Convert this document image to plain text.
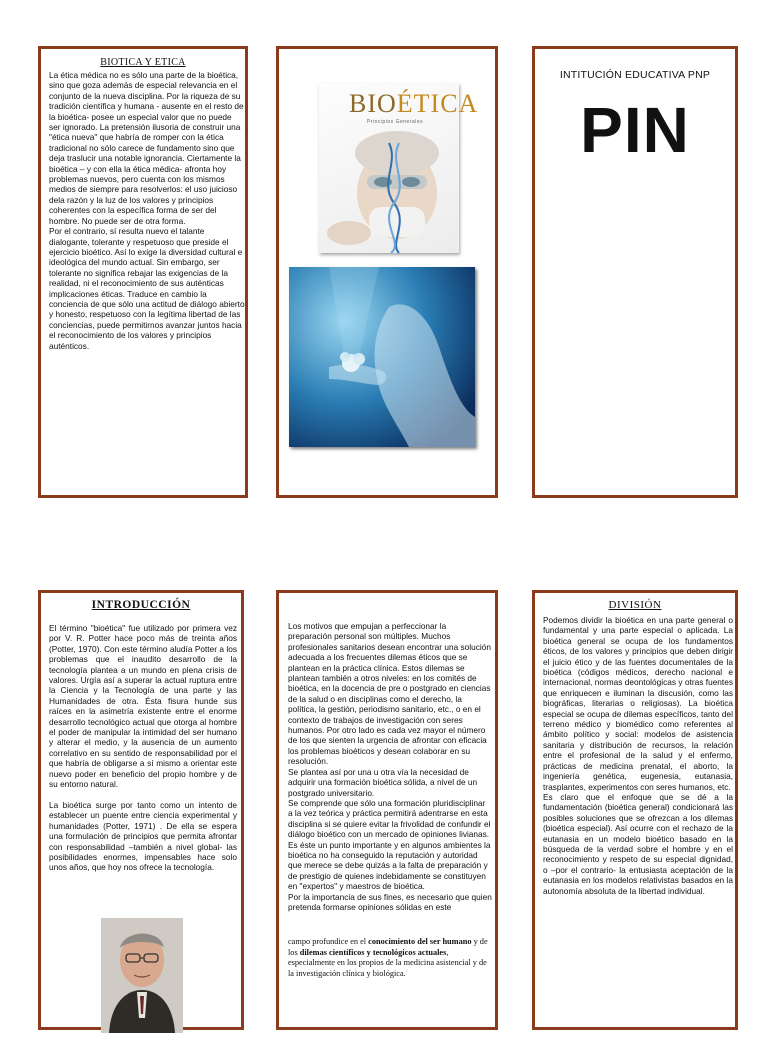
BIOTICA Y ETICA
La ética médica no es sólo una parte de la bioética, sino que goza además de especial relevancia en el conjunto de la nueva disciplina. Por la riqueza de su tradición científica y humana - ausente en el resto de la bioética- posee un especial valor que no puede ser ignorado. La pretensión ilusoria de construir una "ética nueva" que habría de romper con la ética tradicional no sólo carece de fundamento sino que deja traslucir una notable ignorancia. Ciertamente la bioética – y con ella la ética médica- afronta hoy problemas nuevos, pero cuenta con los mismos medios de siempre para resolverlos: el uso juicioso dela razón y la luz de los valores y principios coherentes con la específica forma de ser del hombre. No puede ser de otra forma.
Por el contrario, sí resulta nuevo el talante dialogante, tolerante y respetuoso que preside el ejercicio bioético. Así lo exige la diversidad cultural e ideológica del mundo actual. Sin embargo, ser tolerante no significa rebajar las exigencias de la realidad, ni el reconocimiento de sus auténticas implicaciones éticas. Traduce en cambio la conciencia de que sólo una actitud de diálogo abierto y honesto, respetuoso con la legítima libertad de las conciencias, puede permitirnos avanzar juntos hacia el reconocimiento de los valores y principios auténticos.
BIOÉTICA
Principios Generales
INTITUCIÓN EDUCATIVA PNP
PIN
INTRODUCCIÓN
El término "bioética" fue utilizado por primera vez por V. R. Potter hace poco más de treinta años (Potter, 1970). Con este término aludía Potter a los problemas que el inaudito desarrollo de la tecnología plantea a un mundo en plena crisis de valores. Urgía así a superar la actual ruptura entre la Ciencia y la Tecnología de una parte y las Humanidades de otra. Ésta fisura hunde sus raíces en la asimetría existente entre el enorme desarrollo tecnológico actual que otorga al hombre el poder de manipular la intimidad del ser humano y alterar el medio, y la ausencia de un aumento correlativo en su sentido de responsabilidad por el que habría de obligarse a sí mismo a orientar este nuevo poder en beneficio del propio hombre y de su entorno natural.

La bioética surge por tanto como un intento de establecer un puente entre ciencia experimental y humanidades (Potter, 1971) . De ella se espera una formulación de principios que permita afrontar con responsabilidad –también a nivel global- las posibilidades enormes, impensables hace solo unos años, que hoy nos ofrece la tecnología.
Los motivos que empujan a perfeccionar la preparación personal son múltiples. Muchos profesionales sanitarios desean encontrar una solución adecuada a los frecuentes dilemas éticos que se plantean en la práctica clínica. Estos dilemas se plantean también a otros niveles: en los comités de bioética, en la docencia de pre o postgrado en ciencias de la salud o en disciplinas como el derecho, la política, la gestión, periodismo sanitario, etc., o en el contexto de trabajos de investigación con seres humanos. Por otro lado es cada vez mayor el número de los que sienten la urgencia de afrontar con eficacia los problemas bioéticos y desean colaborar en su resolución.
Se plantea así por una u otra vía la necesidad de adquirir una formación bioética sólida, a nivel de un postgrado universitario.
Se comprende que sólo una formación pluridisciplinar a la vez teórica y práctica permitirá adentrarse en esta disciplina si se quiere evitar la frivolidad de confundir el diálogo bioético con un mercado de opiniones livianas. Es éste un punto importante y en algunos ambientes la bioética no ha conseguido la reputación y autoridad que merece se debe quizás a la falta de preparación y de prestigio de quienes indebidamente se constituyen en "expertos" y maestros de bioética.
Por la importancia de sus fines, es necesario que quien pretenda formarse opiniones sólidas en este
campo profundice en el conocimiento del ser humano y de los dilemas científicos y tecnológicos actuales, especialmente en los propios de la medicina asistencial y de la investigación clínica y biológica.
DIVISIÓN
Podemos dividir la bioética en una parte general o fundamental y una parte especial o aplicada. La bioética general se ocupa de los fundamentos éticos, de los valores y principios que deben dirigir el juicio ético y de las fuentes documentales de la bioética (códigos médicos, derecho nacional e internacional, normas deontológicas y otras fuentes que enriquecen e iluminan la discusión, como las biográficas, literarias o religiosas). La bioética especial se ocupa de dilemas específicos, tanto del terreno médico y biomédico como referentes al ámbito político y social: modelos de asistencia sanitaria y distribución de recursos, la relación entre el profesional de la salud y el enfermo, prácticas de medicina prenatal, el aborto, la ingeniería genética, eugenesia, eutanasia, trasplantes, experimentos con seres humanos, etc.
Es claro que el enfoque que se dé a la fundamentación (bioética general) condicionará las posibles soluciones que se ofrezcan a los dilemas (bioética especial). Así ocurre con el rechazo de la eutanasia en un modelo bioético basado en la búsqueda de la verdad sobre el hombre y en el reconocimiento y respeto de su especial dignidad, o –por el contrario- la entusiasta aceptación de la eutanasia en los modelos relativistas basados en la autonomía absoluta de la libertad individual.
